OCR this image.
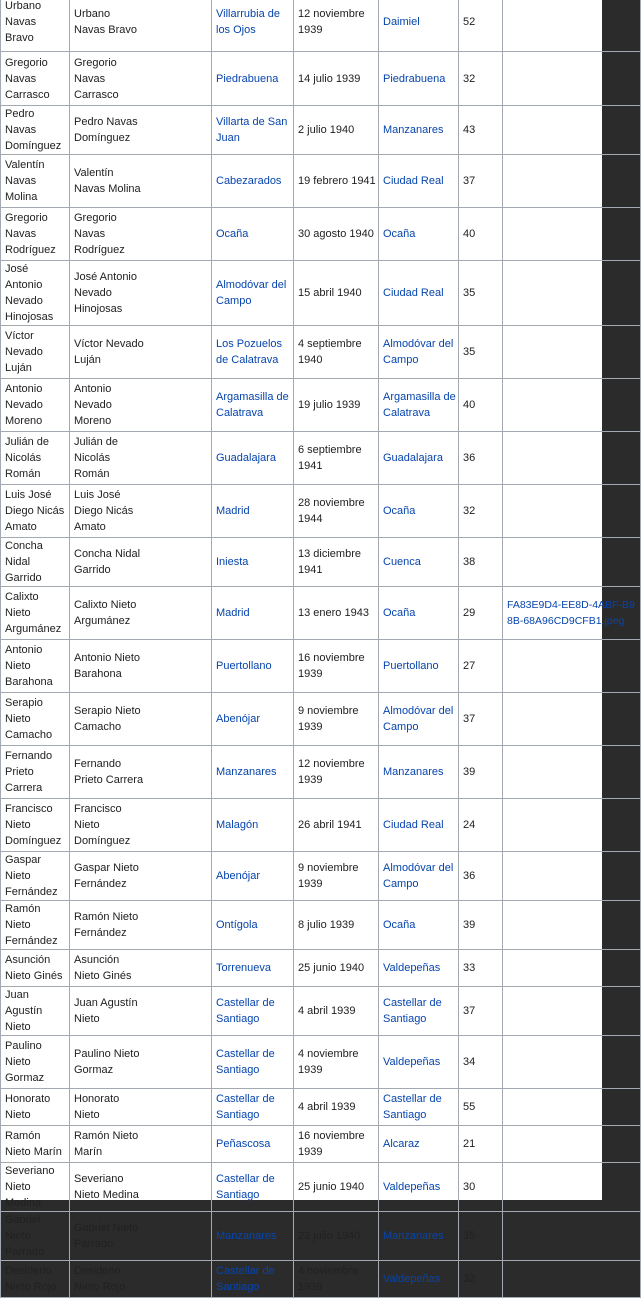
Urbano Navas Bravo	Urbano Navas Bravo	Villarrubia de los Ojos	12 noviembre 1939	Daimiel	52	
Gregorio Navas Carrasco	Gregorio Navas Carrasco	Piedrabuena	14 julio 1939	Piedrabuena	32	
Pedro Navas Domínguez	Pedro Navas Domínguez	Villarta de San Juan	2 julio 1940	Manzanares	43	
Valentín Navas Molina	Valentín Navas Molina	Cabezarados	19 febrero 1941	Ciudad Real	37	
Gregorio Navas Rodríguez	Gregorio Navas Rodríguez	Ocaña	30 agosto 1940	Ocaña	40	
José Antonio Nevado Hinojosas	José Antonio Nevado Hinojosas	Almodóvar del Campo	15 abril 1940	Ciudad Real	35	
Víctor Nevado Luján	Víctor Nevado Luján	Los Pozuelos de Calatrava	4 septiembre 1940	Almodóvar del Campo	35	
Antonio Nevado Moreno	Antonio Nevado Moreno	Argamasilla de Calatrava	19 julio 1939	Argamasilla de Calatrava	40	
Julián de Nicolás Román	Julián de Nicolás Román	Guadalajara	6 septiembre 1941	Guadalajara	36	
Luis José Diego Nicás Amato	Luis José Diego Nicás Amato	Madrid	28 noviembre 1944	Ocaña	32	
Concha Nidal Garrido	Concha Nidal Garrido	Iniesta	13 diciembre 1941	Cuenca	38	
Calixto Nieto Argumánez	Calixto Nieto Argumánez	Madrid	13 enero 1943	Ocaña	29	FA83E9D4-EE8D-4ABF-B98B-68A96CD9CFB1.jpeg
Antonio Nieto Barahona	Antonio Nieto Barahona	Puertollano	16 noviembre 1939	Puertollano	27	
Serapio Nieto Camacho	Serapio Nieto Camacho	Abenójar	9 noviembre 1939	Almodóvar del Campo	37	
Fernando Prieto Carrera	Fernando Prieto Carrera	Manzanares	12 noviembre 1939	Manzanares	39	
Francisco Nieto Domínguez	Francisco Nieto Domínguez	Malagón	26 abril 1941	Ciudad Real	24	
Gaspar Nieto Fernández	Gaspar Nieto Fernández	Abenójar	9 noviembre 1939	Almodóvar del Campo	36	
Ramón Nieto Fernández	Ramón Nieto Fernández	Ontígola	8 julio 1939	Ocaña	39	
Asunción Nieto Ginés	Asunción Nieto Ginés	Torrenueva	25 junio 1940	Valdepeñas	33	
Juan Agustín Nieto	Juan Agustín Nieto	Castellar de Santiago	4 abril 1939	Castellar de Santiago	37	
Paulino Nieto Gormaz	Paulino Nieto Gormaz	Castellar de Santiago	4 noviembre 1939	Valdepeñas	34	
Honorato Nieto	Honorato Nieto	Castellar de Santiago	4 abril 1939	Castellar de Santiago	55	
Ramón Nieto Marín	Ramón Nieto Marín	Peñascosa	16 noviembre 1939	Alcaraz	21	
Severiano Nieto Medina	Severiano Nieto Medina	Castellar de Santiago	25 junio 1940	Valdepeñas	30	
Gabriel Nieto Parrado	Gabriel Nieto Parrado	Manzanares	23 julio 1940	Manzanares	35	
Desiderio Nieto Rojo	Desiderio Nieto Rojo	Castellar de Santiago	4 noviembre 1939	Valdepeñas	32	
